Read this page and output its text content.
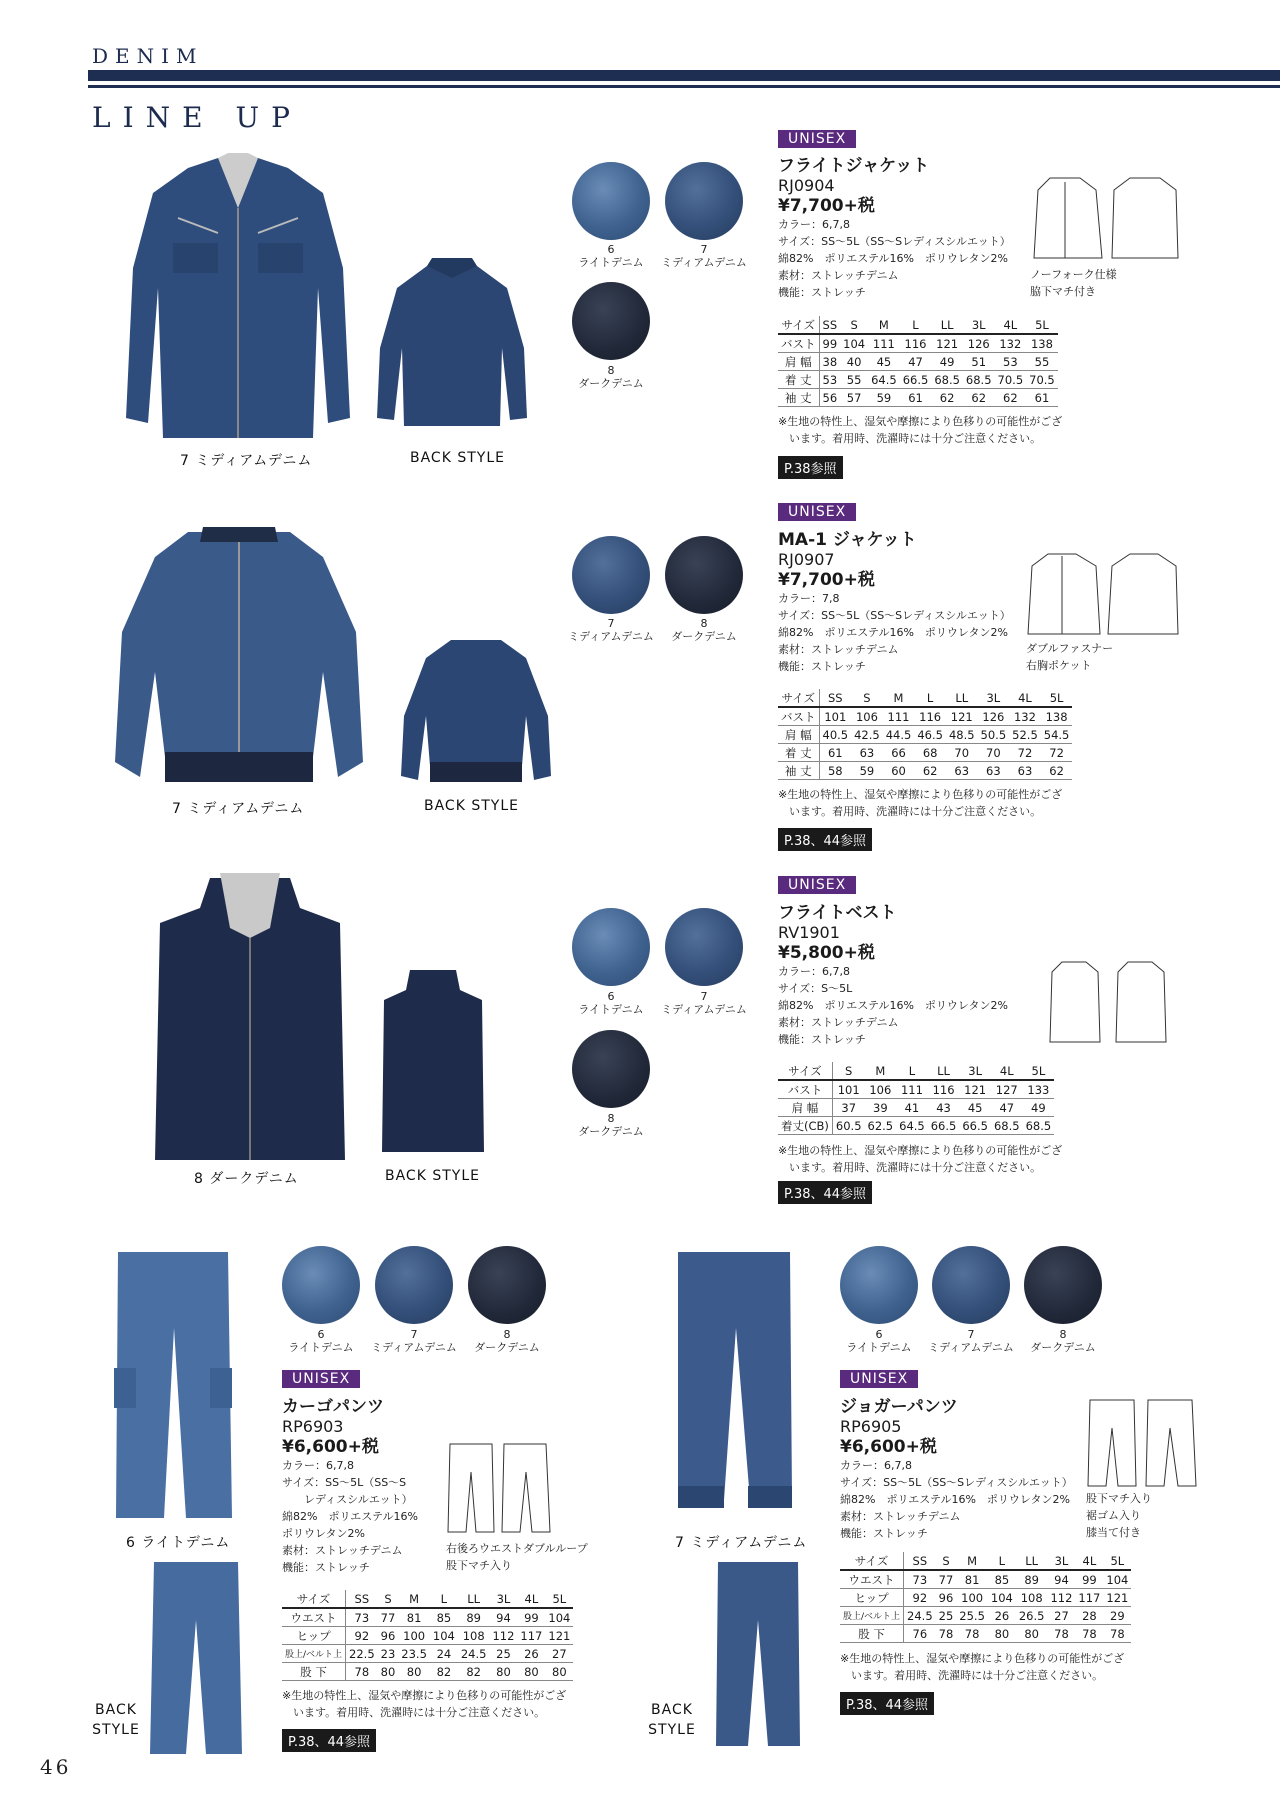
DENIM
LINE UP
7 ミディアムデニム	BACK STYLE
6
ライトデニム
7
ミディアムデニム
8
ダークデニム
UNISEX
フライトジャケット
RJ0904
¥7,700+税
カラー：6,7,8
サイズ：SS〜5L（SS〜Sレディスシルエット）
綿82%　ポリエステル16%　ポリウレタン2%
素材：ストレッチデニム
機能：ストレッチ
ノーフォーク仕様
脇下マチ付き
サイズ	SS	S	M	L	LL	3L	4L	5L
バスト	99	104	111	116	121	126	132	138
肩 幅	38	40	45	47	49	51	53	55
着 丈	53	55	64.5	66.5	68.5	68.5	70.5	70.5
袖 丈	56	57	59	61	62	62	62	61
※生地の特性上、湿気や摩擦により色移りの可能性がござ
　います。着用時、洗濯時には十分ご注意ください。
P.38参照
7 ミディアムデニム	BACK STYLE
7
ミディアムデニム
8
ダークデニム
UNISEX
MA-1 ジャケット
RJ0907
¥7,700+税
カラー：7,8
サイズ：SS〜5L（SS〜Sレディスシルエット）
綿82%　ポリエステル16%　ポリウレタン2%
素材：ストレッチデニム
機能：ストレッチ
ダブルファスナー
右胸ポケット
サイズ	SS	S	M	L	LL	3L	4L	5L
バスト	101	106	111	116	121	126	132	138
肩 幅	40.5	42.5	44.5	46.5	48.5	50.5	52.5	54.5
着 丈	61	63	66	68	70	70	72	72
袖 丈	58	59	60	62	63	63	63	62
※生地の特性上、湿気や摩擦により色移りの可能性がござ
　います。着用時、洗濯時には十分ご注意ください。
P.38、44参照
8 ダークデニム	BACK STYLE
6
ライトデニム
7
ミディアムデニム
8
ダークデニム
UNISEX
フライトベスト
RV1901
¥5,800+税
カラー：6,7,8
サイズ：S〜5L
綿82%　ポリエステル16%　ポリウレタン2%
素材：ストレッチデニム
機能：ストレッチ
サイズ	S	M	L	LL	3L	4L	5L
バスト	101	106	111	116	121	127	133
肩 幅	37	39	41	43	45	47	49
着丈(CB)	60.5	62.5	64.5	66.5	66.5	68.5	68.5
※生地の特性上、湿気や摩擦により色移りの可能性がござ
　います。着用時、洗濯時には十分ご注意ください。
P.38、44参照
6 ライトデニム
BACK STYLE
6
ライトデニム
7
ミディアムデニム
8
ダークデニム
UNISEX
カーゴパンツ
RP6903
¥6,600+税
カラー：6,7,8
サイズ：SS〜5L（SS〜S
　　レディスシルエット）
綿82%　ポリエステル16%
ポリウレタン2%
素材：ストレッチデニム
機能：ストレッチ
右後ろウエストダブルループ
股下マチ入り
サイズ	SS	S	M	L	LL	3L	4L	5L
ウエスト	73	77	81	85	89	94	99	104
ヒップ	92	96	100	104	108	112	117	121
股上/ベルト上	22.5	23	23.5	24	24.5	25	26	27
股 下	78	80	80	82	82	80	80	80
※生地の特性上、湿気や摩擦により色移りの可能性がござ
　います。着用時、洗濯時には十分ご注意ください。
P.38、44参照
7 ミディアムデニム
BACK STYLE
6
ライトデニム
7
ミディアムデニム
8
ダークデニム
UNISEX
ジョガーパンツ
RP6905
¥6,600+税
カラー：6,7,8
サイズ：SS〜5L（SS〜Sレディスシルエット）
綿82%　ポリエステル16%　ポリウレタン2%
素材：ストレッチデニム
機能：ストレッチ
股下マチ入り
裾ゴム入り
膝当て付き
サイズ	SS	S	M	L	LL	3L	4L	5L
ウエスト	73	77	81	85	89	94	99	104
ヒップ	92	96	100	104	108	112	117	121
股上/ベルト上	24.5	25	25.5	26	26.5	27	28	29
股 下	76	78	78	80	80	78	78	78
※生地の特性上、湿気や摩擦により色移りの可能性がござ
　います。着用時、洗濯時には十分ご注意ください。
P.38、44参照
46
